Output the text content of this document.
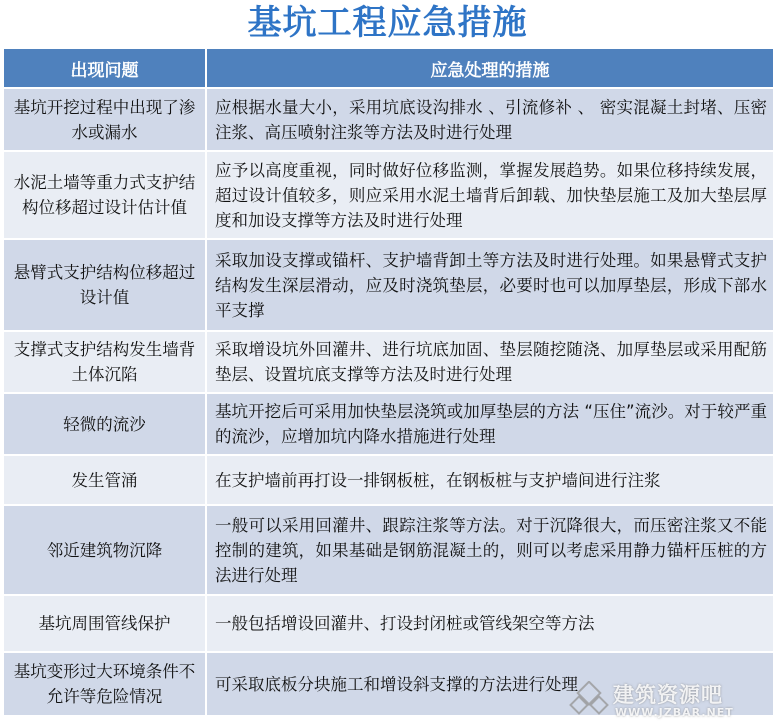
基坑工程应急措施
出现问题	应急处理的措施
基坑开挖过程中出现了渗水或漏水	应根据水量大小，采用坑底设沟排水 、引流修补 、 密实混凝土封堵、压密注浆、高压喷射注浆等方法及时进行处理
水泥土墙等重力式支护结构位移超过设计估计值	应予以高度重视，同时做好位移监测，掌握发展趋势。如果位移持续发展，超过设计值较多，则应采用水泥土墙背后卸载、加快垫层施工及加大垫层厚度和加设支撑等方法及时进行处理
悬臂式支护结构位移超过设计值	采取加设支撑或锚杆、支护墙背卸土等方法及时进行处理。如果悬臂式支护结构发生深层滑动，应及时浇筑垫层，必要时也可以加厚垫层，形成下部水平支撑
支撑式支护结构发生墙背土体沉陷	采取增设坑外回灌井、进行坑底加固、垫层随挖随浇、加厚垫层或采用配筋垫层、设置坑底支撑等方法及时进行处理
轻微的流沙	基坑开挖后可采用加快垫层浇筑或加厚垫层的方法 “压住”流沙。对于较严重的流沙，应增加坑内降水措施进行处理
发生管涌	在支护墙前再打设一排钢板桩，在钢板桩与支护墙间进行注浆
邻近建筑物沉降	一般可以采用回灌井、跟踪注浆等方法。对于沉降很大，而压密注浆又不能控制的建筑，如果基础是钢筋混凝土的，则可以考虑采用静力锚杆压桩的方法进行处理
基坑周围管线保护	一般包括增设回灌井、打设封闭桩或管线架空等方法
基坑变形过大环境条件不允许等危险情况	可采取底板分块施工和增设斜支撑的方法进行处理 建筑资源吧
WWW.JZBAR.NET
